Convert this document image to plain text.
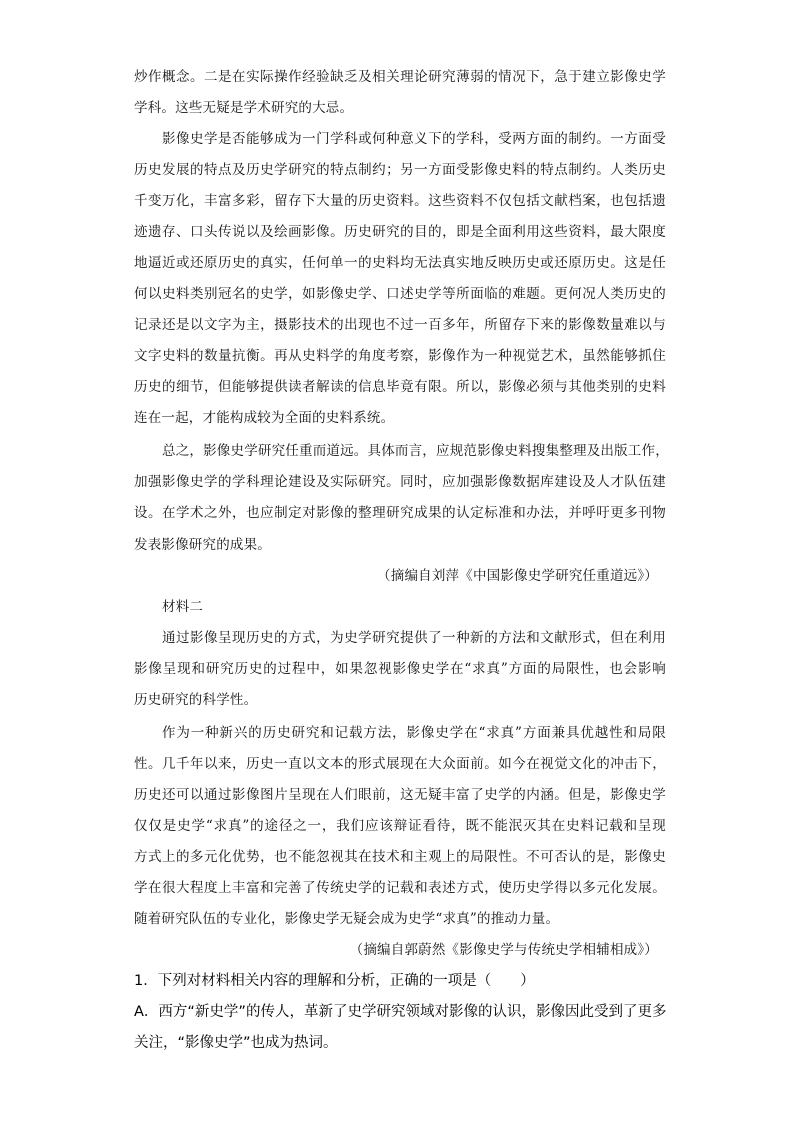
炒作概念。二是在实际操作经验缺乏及相关理论研究薄弱的情况下，急于建立影像史学
学科。这些无疑是学术研究的大忌。
影像史学是否能够成为一门学科或何种意义下的学科，受两方面的制约。一方面受
历史发展的特点及历史学研究的特点制约；另一方面受影像史料的特点制约。人类历史
千变万化，丰富多彩，留存下大量的历史资料。这些资料不仅包括文献档案，也包括遗
迹遗存、口头传说以及绘画影像。历史研究的目的，即是全面利用这些资料，最大限度
地逼近或还原历史的真实，任何单一的史料均无法真实地反映历史或还原历史。这是任
何以史料类别冠名的史学，如影像史学、口述史学等所面临的难题。更何况人类历史的
记录还是以文字为主，摄影技术的出现也不过一百多年，所留存下来的影像数量难以与
文字史料的数量抗衡。再从史料学的角度考察，影像作为一种视觉艺术，虽然能够抓住
历史的细节，但能够提供读者解读的信息毕竟有限。所以，影像必须与其他类别的史料
连在一起，才能构成较为全面的史料系统。
总之，影像史学研究任重而道远。具体而言，应规范影像史料搜集整理及出版工作，
加强影像史学的学科理论建设及实际研究。同时，应加强影像数据库建设及人才队伍建
设。在学术之外，也应制定对影像的整理研究成果的认定标准和办法，并呼吁更多刊物
发表影像研究的成果。
（摘编自刘萍《中国影像史学研究任重道远》）
材料二
通过影像呈现历史的方式，为史学研究提供了一种新的方法和文献形式，但在利用
影像呈现和研究历史的过程中，如果忽视影像史学在“求真”方面的局限性，也会影响
历史研究的科学性。
作为一种新兴的历史研究和记载方法，影像史学在“求真”方面兼具优越性和局限
性。几千年以来，历史一直以文本的形式展现在大众面前。如今在视觉文化的冲击下，
历史还可以通过影像图片呈现在人们眼前，这无疑丰富了史学的内涵。但是，影像史学
仅仅是史学“求真”的途径之一，我们应该辩证看待，既不能泯灭其在史料记载和呈现
方式上的多元化优势，也不能忽视其在技术和主观上的局限性。不可否认的是，影像史
学在很大程度上丰富和完善了传统史学的记载和表述方式，使历史学得以多元化发展。
随着研究队伍的专业化，影像史学无疑会成为史学“求真”的推动力量。
（摘编自郭蔚然《影像史学与传统史学相辅相成》）
1．下列对材料相关内容的理解和分析，正确的一项是（　　）
A．西方“新史学”的传人，革新了史学研究领域对影像的认识，影像因此受到了更多
关注，“影像史学”也成为热词。
